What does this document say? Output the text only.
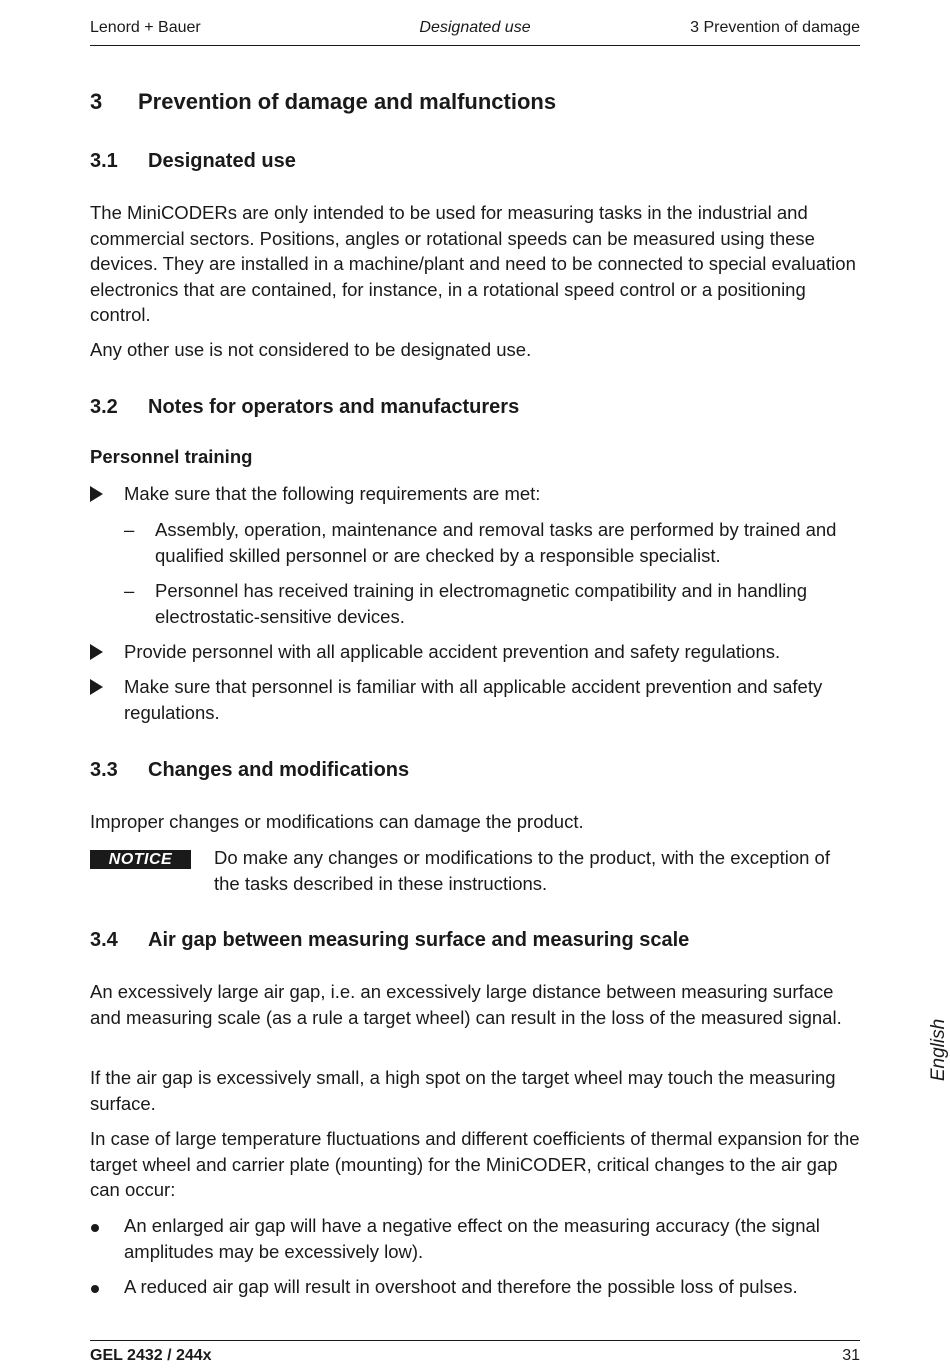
Lenord + Bauer	Designated use	3 Prevention of damage
3 Prevention of damage and malfunctions
3.1 Designated use

The MiniCODERs are only intended to be used for measuring tasks in the industrial and commercial sectors. Positions, angles or rotational speeds can be measured using these devices. They are installed in a machine/plant and need to be connected to special evaluation electronics that are contained, for instance, in a rotational speed control or a positioning control.

Any other use is not considered to be designated use.

3.2 Notes for operators and manufacturers
Personnel training
Make sure that the following requirements are met:
– Assembly, operation, maintenance and removal tasks are performed by trained and qualified skilled personnel or are checked by a responsible specialist.
– Personnel has received training in electromagnetic compatibility and in handling electrostatic-sensitive devices.
Provide personnel with all applicable accident prevention and safety regulations.
Make sure that personnel is familiar with all applicable accident prevention and safety regulations.
3.3 Changes and modifications

Improper changes or modifications can damage the product.

NOTICE	Do make any changes or modifications to the product, with the exception of the tasks described in these instructions.
3.4 Air gap between measuring surface and measuring scale

An excessively large air gap, i.e. an excessively large distance between measuring surface and measuring scale (as a rule a target wheel) can result in the loss of the measured signal.

If the air gap is excessively small, a high spot on the target wheel may touch the measuring surface.

In case of large temperature fluctuations and different coefficients of thermal expansion for the target wheel and carrier plate (mounting) for the MiniCODER, critical changes to the air gap can occur:

An enlarged air gap will have a negative effect on the measuring accuracy (the signal amplitudes may be excessively low).
A reduced air gap will result in overshoot and therefore the possible loss of pulses.
English
GEL 2432 / 244x	31
